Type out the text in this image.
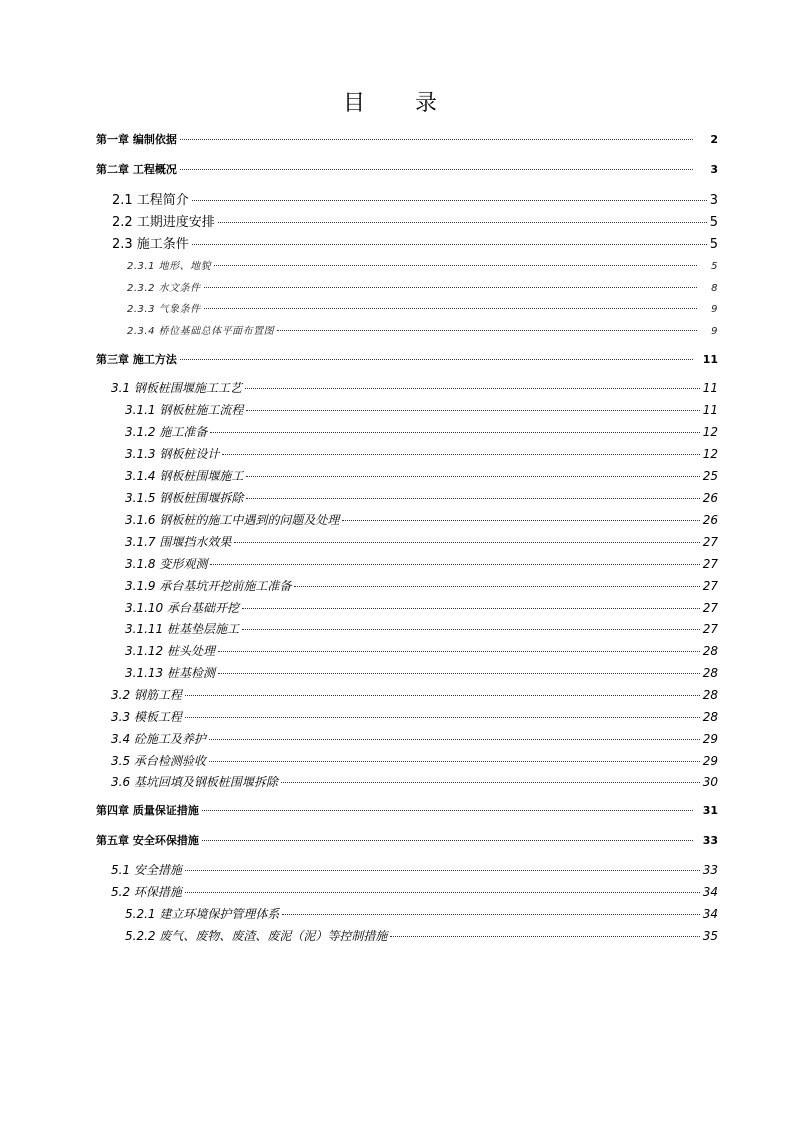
目　录
第一章 编制依据	2
第二章 工程概况	3
2.1 工程简介	3
2.2 工期进度安排	5
2.3 施工条件	5
2.3.1 地形、地貌	5
2.3.2 水文条件	8
2.3.3 气象条件	9
2.3.4 桥位基础总体平面布置图	9
第三章 施工方法	11
3.1 钢板桩围堰施工工艺	11
3.1.1 钢板桩施工流程	11
3.1.2 施工准备	12
3.1.3 钢板桩设计	12
3.1.4 钢板桩围堰施工	25
3.1.5 钢板桩围堰拆除	26
3.1.6 钢板桩的施工中遇到的问题及处理	26
3.1.7 围堰挡水效果	27
3.1.8 变形观测	27
3.1.9 承台基坑开挖前施工准备	27
3.1.10 承台基础开挖	27
3.1.11 桩基垫层施工	27
3.1.12 桩头处理	28
3.1.13 桩基检测	28
3.2 钢筋工程	28
3.3 模板工程	28
3.4 砼施工及养护	29
3.5 承台检测验收	29
3.6 基坑回填及钢板桩围堰拆除	30
第四章 质量保证措施	31
第五章 安全环保措施	33
5.1 安全措施	33
5.2 环保措施	34
5.2.1 建立环境保护管理体系	34
5.2.2 废气、废物、废渣、废泥（泥）等控制措施	35
